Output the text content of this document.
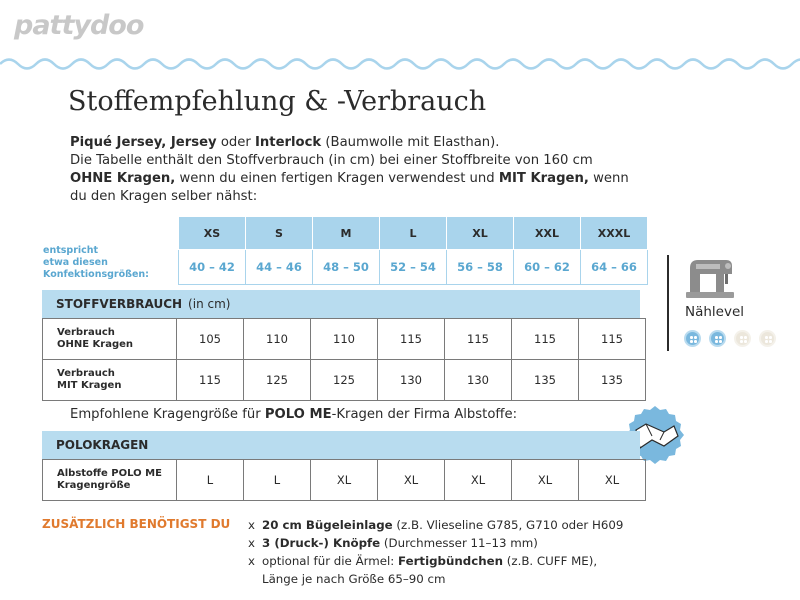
pattydoo
Stoffempfehlung & -Verbrauch
Piqué Jersey, Jersey oder Interlock (Baumwolle mit Elasthan).
Die Tabelle enthält den Stoffverbrauch (in cm) bei einer Stoffbreite von 160 cm
OHNE Kragen, wenn du einen fertigen Kragen verwendest und MIT Kragen, wenn
du den Kragen selber nähst:
entspricht
etwa diesen
Konfektionsgrößen:	XS	S	M	L	XL	XXL	XXXL
	40 – 42	44 – 46	48 – 50	52 – 54	56 – 58	60 – 62	64 – 66
STOFFVERBRAUCH (in cm)
Verbrauch
OHNE Kragen	105	110	110	115	115	115	115

Verbrauch
MIT Kragen	115	125	125	130	130	135	135
Empfohlene Kragengröße für POLO ME-Kragen der Firma Albstoffe:
POLOKRAGEN
Albstoffe POLO ME
Kragengröße	L	L	XL	XL	XL	XL	XL
ZUSÄTZLICH BENÖTIGST DU x 20 cm Bügeleinlage (z.B. Vlieseline G785, G710 oder H609
x 3 (Druck-) Knöpfe (Durchmesser 11–13 mm)
x optional für die Ärmel: Fertigbündchen (z.B. CUFF ME),
Länge je nach Größe 65–90 cm
Nählevel
